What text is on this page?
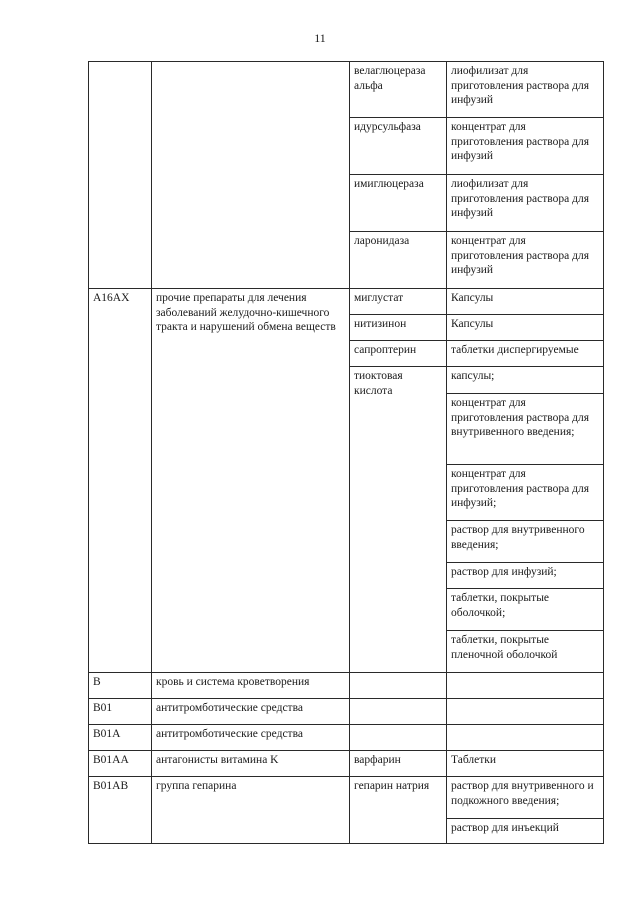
11
		велаглюцераза альфа	лиофилизат для приготовления раствора для инфузий
		идурсульфаза	концентрат для приготовления раствора для инфузий
		имиглюцераза	лиофилизат для приготовления раствора для инфузий
		ларонидаза	концентрат для приготовления раствора для инфузий
A16AX	прочие препараты для лечения заболеваний желудочно-кишечного тракта и нарушений обмена веществ	миглустат	Капсулы
		нитизинон	Капсулы
		сапроптерин	таблетки диспергируемые
		тиоктовая кислота	капсулы;
			концентрат для приготовления раствора для внутривенного введения;
			концентрат для приготовления раствора для инфузий;
			раствор для внутривенного введения;
			раствор для инфузий;
			таблетки, покрытые оболочкой;
			таблетки, покрытые пленочной оболочкой
B	кровь и система кроветворения		
B01	антитромботические средства		
B01A	антитромботические средства		
B01AA	антагонисты витамина K	варфарин	Таблетки
B01AB	группа гепарина	гепарин натрия	раствор для внутривенного и подкожного введения;
			раствор для инъекций
